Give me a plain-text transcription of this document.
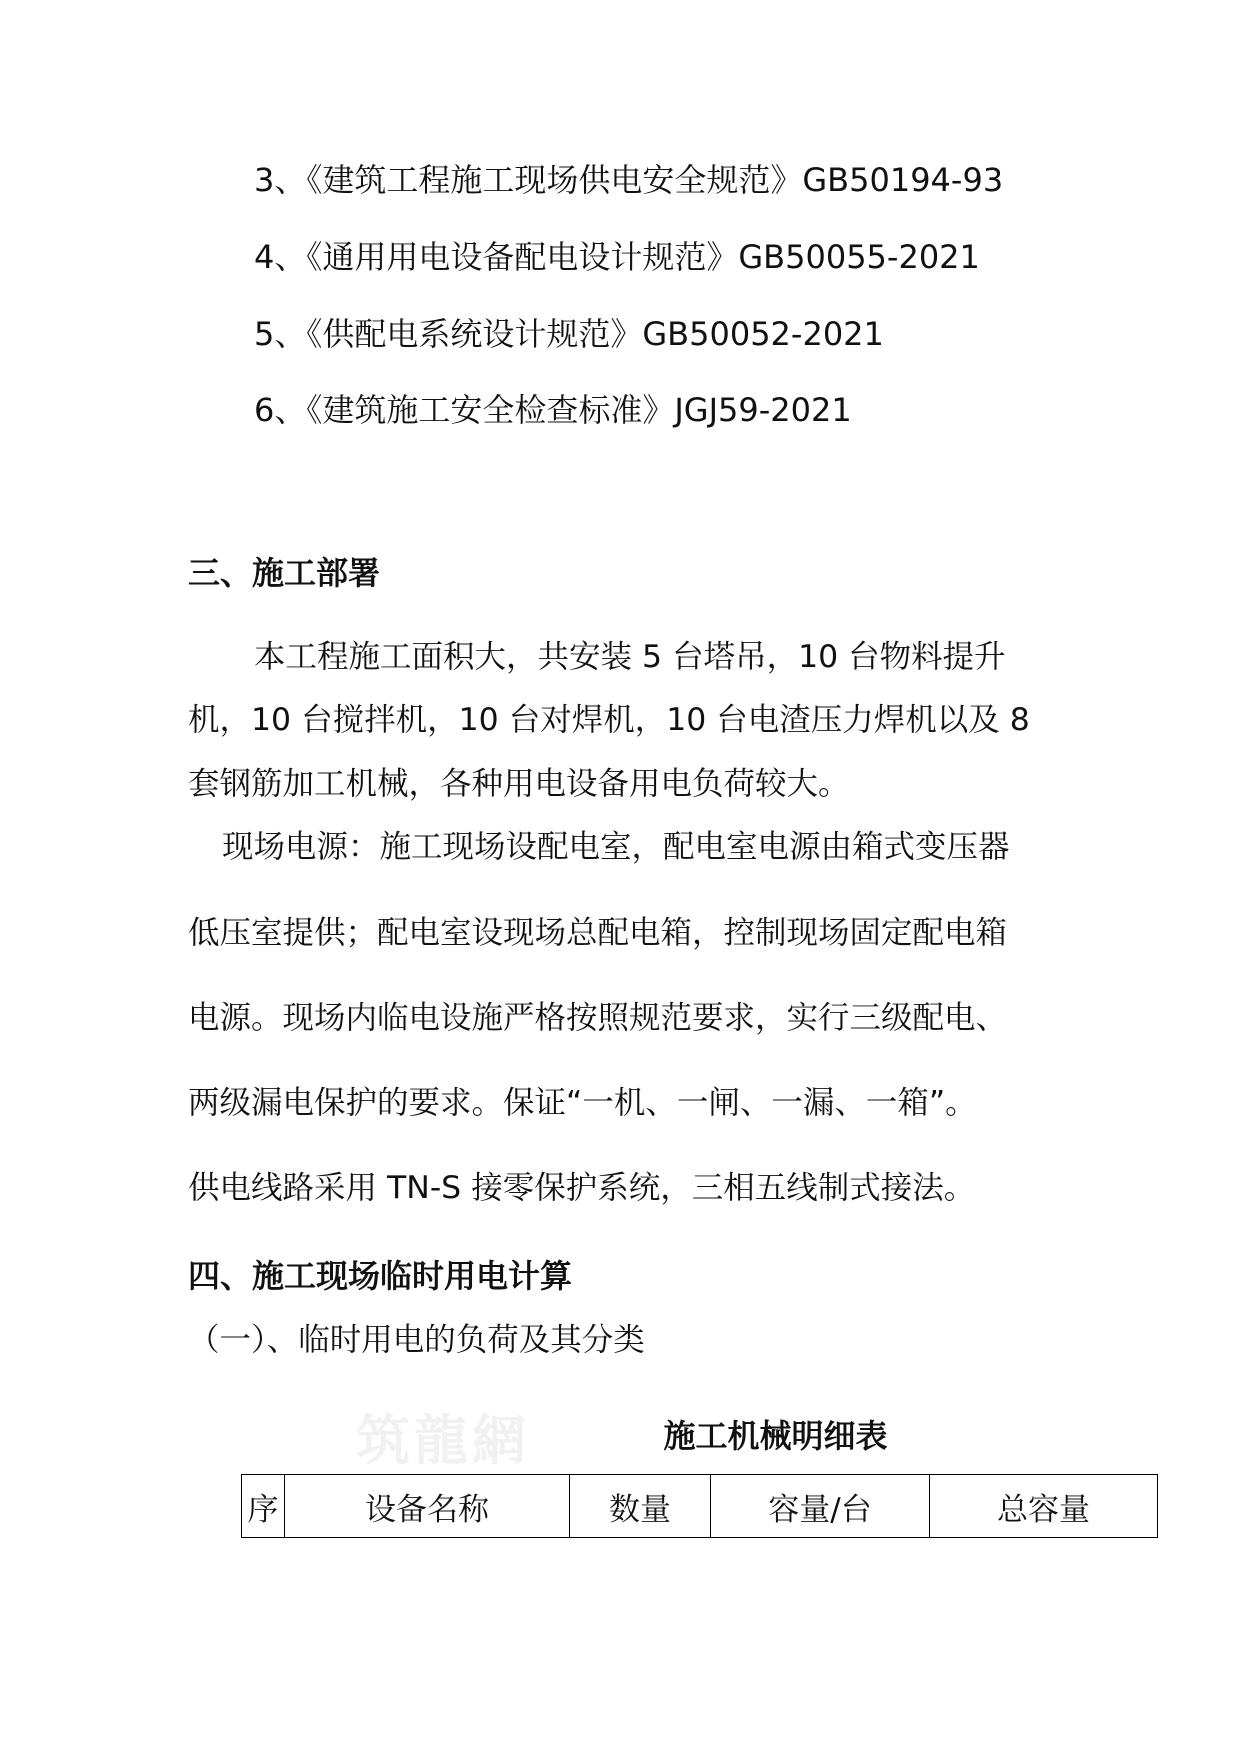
3、《建筑工程施工现场供电安全规范》GB50194-93
4、《通用用电设备配电设计规范》GB50055-2021
5、《供配电系统设计规范》GB50052-2021
6、《建筑施工安全检查标准》JGJ59-2021
三、施工部署
本工程施工面积大，共安装 5 台塔吊，10 台物料提升
机，10 台搅拌机，10 台对焊机，10 台电渣压力焊机以及 8
套钢筋加工机械，各种用电设备用电负荷较大。
现场电源：施工现场设配电室，配电室电源由箱式变压器
低压室提供；配电室设现场总配电箱，控制现场固定配电箱
电源。现场内临电设施严格按照规范要求，实行三级配电、
两级漏电保护的要求。保证“一机、一闸、一漏、一箱”。
供电线路采用 TN-S 接零保护系统，三相五线制式接法。
四、施工现场临时用电计算
（一）、临时用电的负荷及其分类
筑龍網	施工机械明细表
序	设备名称	数量	容量/台	总容量
